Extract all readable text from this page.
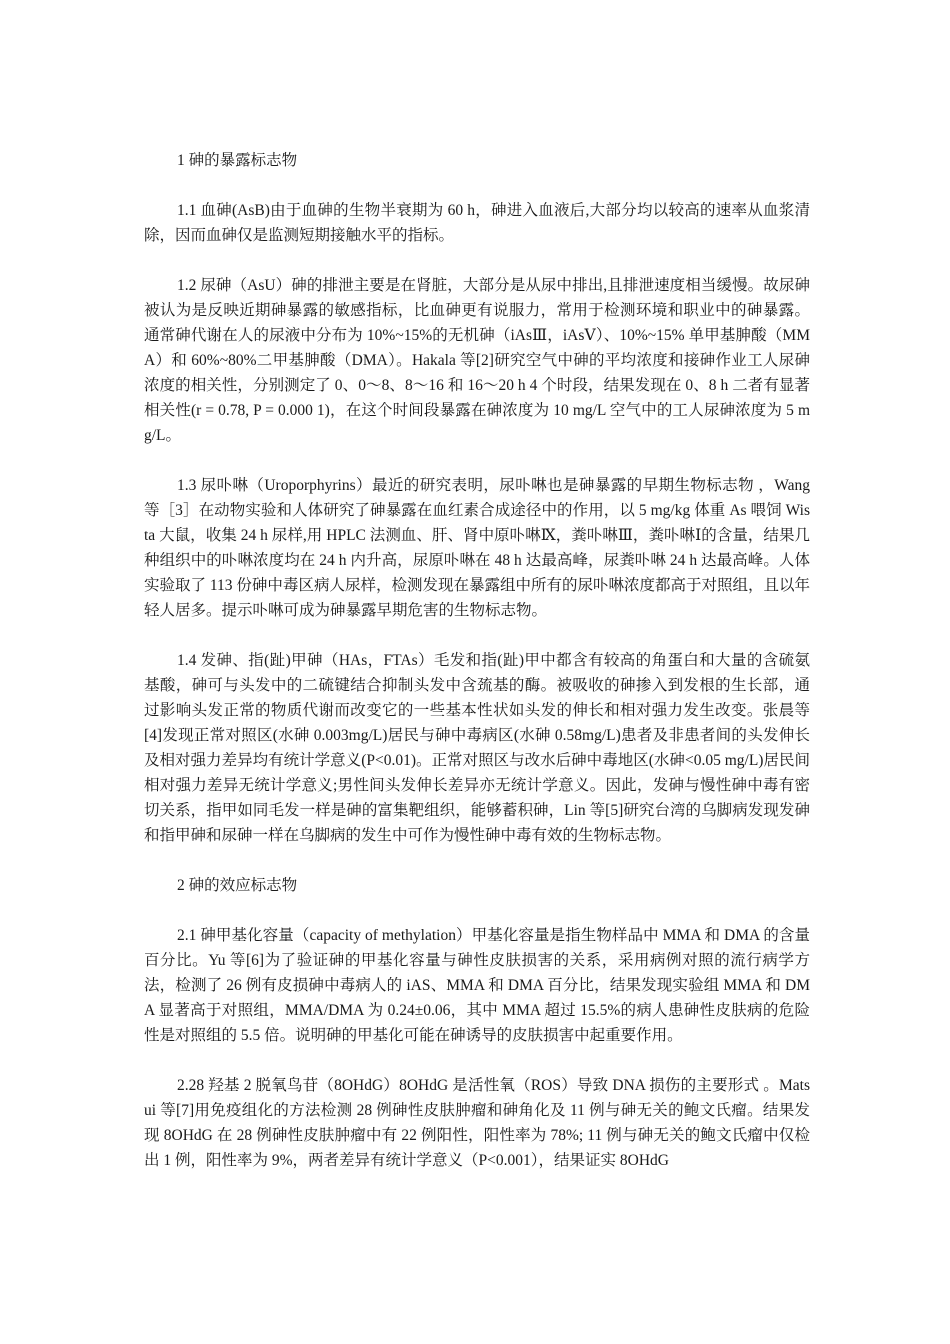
1 砷的暴露标志物

1.1 血砷(AsB)由于血砷的生物半衰期为 60 h，砷进入血液后,大部分均以较高的速率从血浆清除，因而血砷仅是监测短期接触水平的指标。

1.2 尿砷（AsU）砷的排泄主要是在肾脏，大部分是从尿中排出,且排泄速度相当缓慢。故尿砷被认为是反映近期砷暴露的敏感指标，比血砷更有说服力，常用于检测环境和职业中的砷暴露。通常砷代谢在人的尿液中分布为 10%~15%的无机砷（iAsⅢ，iAsⅤ）、10%~15% 单甲基胂酸（MMA）和 60%~80%二甲基胂酸（DMA）。Hakala 等[2]研究空气中砷的平均浓度和接砷作业工人尿砷浓度的相关性，分别测定了 0、0～8、8～16 和 16～20 h 4 个时段，结果发现在 0、8 h 二者有显著相关性(r = 0.78, P = 0.000 1)，在这个时间段暴露在砷浓度为 10 mg/L 空气中的工人尿砷浓度为 5 mg/L。

1.3 尿卟啉（Uroporphyrins）最近的研究表明，尿卟啉也是砷暴露的早期生物标志物 ，Wang 等［3］在动物实验和人体研究了砷暴露在血红素合成途径中的作用，以 5 mg/kg 体重 As 喂饲 Wista 大鼠，收集 24 h 尿样,用 HPLC 法测血、肝、肾中原卟啉Ⅸ，粪卟啉Ⅲ，粪卟啉Ⅰ的含量，结果几种组织中的卟啉浓度均在 24 h 内升高，尿原卟啉在 48 h 达最高峰，尿粪卟啉 24 h 达最高峰。人体实验取了 113 份砷中毒区病人尿样，检测发现在暴露组中所有的尿卟啉浓度都高于对照组，且以年轻人居多。提示卟啉可成为砷暴露早期危害的生物标志物。

1.4 发砷、指(趾)甲砷（HAs，FTAs）毛发和指(趾)甲中都含有较高的角蛋白和大量的含硫氨基酸，砷可与头发中的二硫键结合抑制头发中含巯基的酶。被吸收的砷掺入到发根的生长部，通过影响头发正常的物质代谢而改变它的一些基本性状如头发的伸长和相对强力发生改变。张晨等[4]发现正常对照区(水砷 0.003mg/L)居民与砷中毒病区(水砷 0.58mg/L)患者及非患者间的头发伸长及相对强力差异均有统计学意义(P<0.01)。正常对照区与改水后砷中毒地区(水砷<0.05 mg/L)居民间相对强力差异无统计学意义;男性间头发伸长差异亦无统计学意义。因此，发砷与慢性砷中毒有密切关系，指甲如同毛发一样是砷的富集靶组织，能够蓄积砷，Lin 等[5]研究台湾的乌脚病发现发砷和指甲砷和尿砷一样在乌脚病的发生中可作为慢性砷中毒有效的生物标志物。

2 砷的效应标志物

2.1 砷甲基化容量（capacity of methylation）甲基化容量是指生物样品中 MMA 和 DMA 的含量百分比。Yu 等[6]为了验证砷的甲基化容量与砷性皮肤损害的关系，采用病例对照的流行病学方法，检测了 26 例有皮损砷中毒病人的 iAS、MMA 和 DMA 百分比，结果发现实验组 MMA 和 DMA 显著高于对照组，MMA/DMA 为 0.24±0.06，其中 MMA 超过 15.5%的病人患砷性皮肤病的危险性是对照组的 5.5 倍。说明砷的甲基化可能在砷诱导的皮肤损害中起重要作用。

2.28 羟基 2 脱氧鸟苷（8OHdG）8OHdG 是活性氧（ROS）导致 DNA 损伤的主要形式 。Matsui 等[7]用免疫组化的方法检测 28 例砷性皮肤肿瘤和砷角化及 11 例与砷无关的鲍文氏瘤。结果发现 8OHdG 在 28 例砷性皮肤肿瘤中有 22 例阳性，阳性率为 78%; 11 例与砷无关的鲍文氏瘤中仅检出 1 例，阳性率为 9%，两者差异有统计学意义（P<0.001），结果证实 8OHdG
